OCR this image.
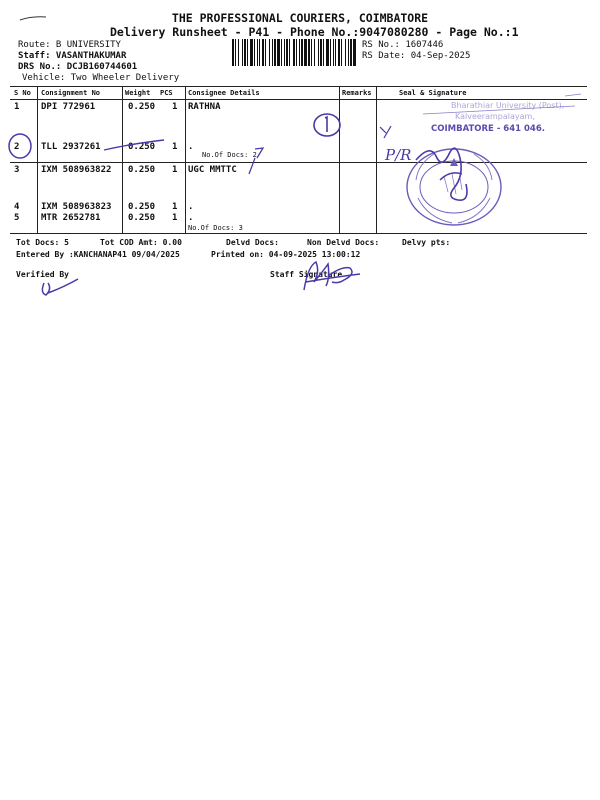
THE PROFESSIONAL COURIERS, COIMBATORE
Delivery Runsheet - P41 - Phone No.:9047080280 - Page No.:1
Route: B UNIVERSITY
Staff: VASANTHAKUMAR
DRS No.: DCJB160744601
Vehicle: Two Wheeler Delivery
RS No.: 1607446
RS Date: 04-Sep-2025
S No Consignment No	Weight PCS Consignee Details	Remarks	Seal & Signature
1 DPI 772961	0.250 1 RATHNA
2 TLL 2937261	0.250 1 .
No.Of Docs: 2
3 IXM 508963822 0.250 1 UGC MMTTC
4 IXM 508963823 0.250 1 .
5 MTR 2652781	0.250 1 .
No.Of Docs: 3
Tot Docs: 5	Tot COD Amt: 0.00	Delvd Docs:	Non Delvd Docs:	Delvy pts:
Entered By :KANCHANAP41 09/04/2025	Printed on: 04-09-2025 13:00:12
Verified By	Staff Signature
Bharathiar University (Post),
Kalveerampalayam,
COIMBATORE - 641 046.
P/R
